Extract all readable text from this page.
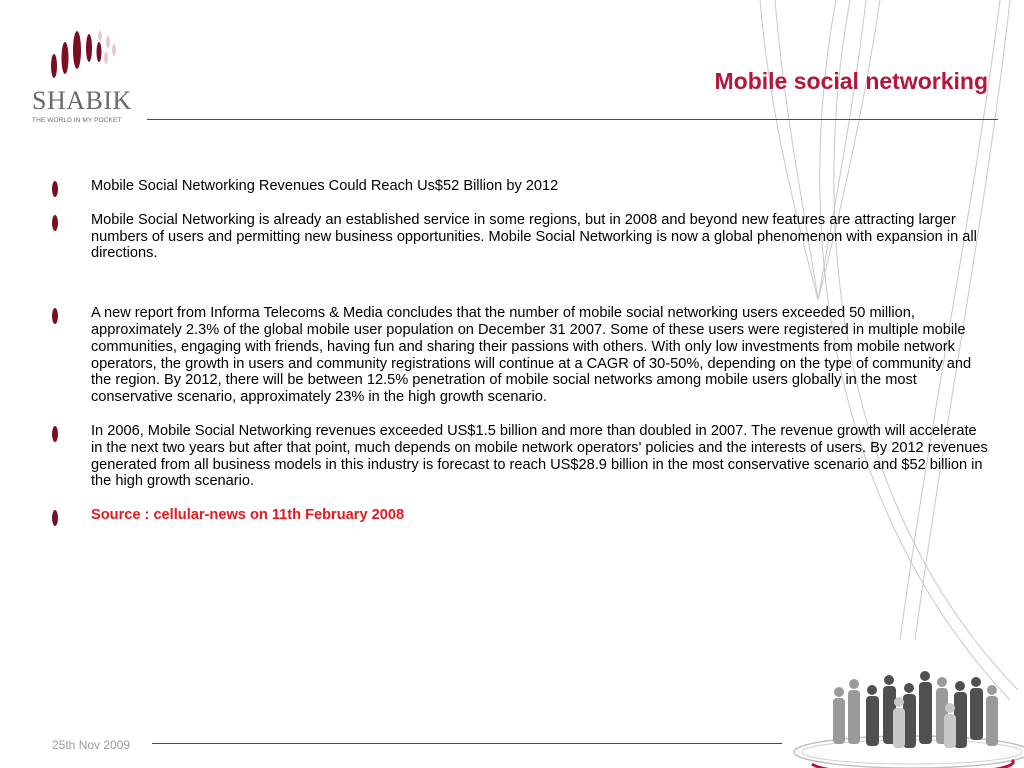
SHABIK
THE WORLD IN MY POCKET
Mobile social networking
Mobile Social Networking Revenues Could Reach Us$52 Billion by 2012
Mobile Social Networking is already an established service in some regions, but in 2008 and beyond new features are attracting larger numbers of users and permitting new business opportunities. Mobile Social Networking is now a global phenomenon with expansion in all directions.
A new report from Informa Telecoms & Media concludes that the number of mobile social networking users exceeded 50 million, approximately 2.3% of the global mobile user population on December 31 2007. Some of these users were registered in multiple mobile communities, engaging with friends, having fun and sharing their passions with others. With only low investments from mobile network operators, the growth in users and community registrations will continue at a CAGR of 30-50%, depending on the type of community and the region. By 2012, there will be between 12.5% penetration of mobile social networks among mobile users globally in the most conservative scenario, approximately 23% in the high growth scenario.
In 2006, Mobile Social Networking revenues exceeded US$1.5 billion and more than doubled in 2007. The revenue growth will accelerate in the next two years but after that point, much depends on mobile network operators' policies and the interests of users. By 2012 revenues generated from all business models in this industry is forecast to reach US$28.9 billion in the most conservative scenario and $52 billion in the high growth scenario.
Source : cellular-news on 11th February 2008
25th Nov 2009
